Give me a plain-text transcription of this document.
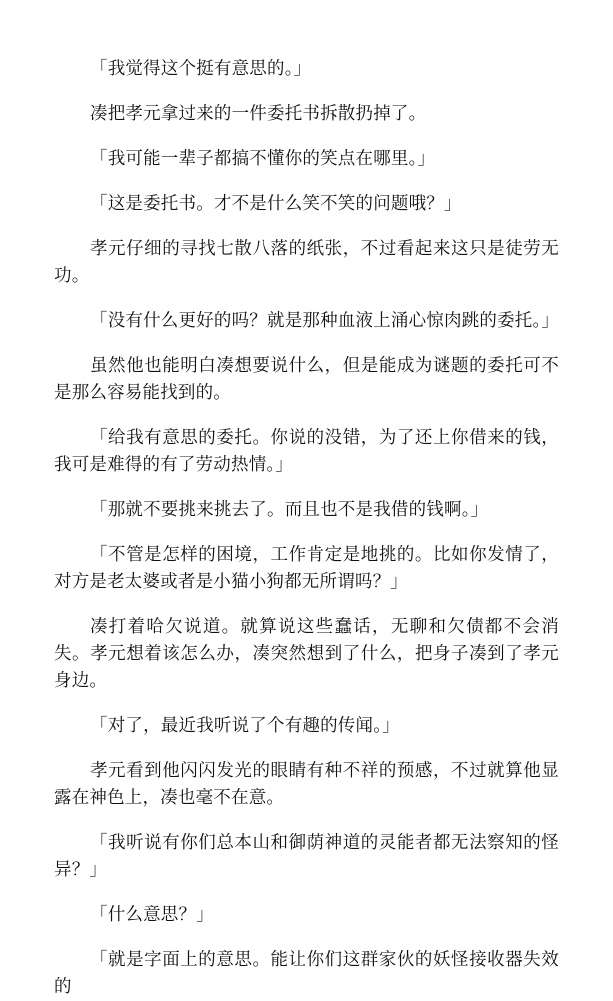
「我觉得这个挺有意思的。」

凑把孝元拿过来的一件委托书拆散扔掉了。

「我可能一辈子都搞不懂你的笑点在哪里。」

「这是委托书。才不是什么笑不笑的问题哦？」

孝元仔细的寻找七散八落的纸张，不过看起来这只是徒劳无功。

「没有什么更好的吗？就是那种血液上涌心惊肉跳的委托。」

虽然他也能明白凑想要说什么，但是能成为谜题的委托可不是那么容易能找到的。

「给我有意思的委托。你说的没错，为了还上你借来的钱，我可是难得的有了劳动热情。」

「那就不要挑来挑去了。而且也不是我借的钱啊。」

「不管是怎样的困境，工作肯定是地挑的。比如你发情了，对方是老太婆或者是小猫小狗都无所谓吗？」

凑打着哈欠说道。就算说这些蠢话，无聊和欠债都不会消失。孝元想着该怎么办，凑突然想到了什么，把身子凑到了孝元身边。

「对了，最近我听说了个有趣的传闻。」

孝元看到他闪闪发光的眼睛有种不祥的预感，不过就算他显露在神色上，凑也毫不在意。

「我听说有你们总本山和御荫神道的灵能者都无法察知的怪异？」

「什么意思？」

「就是字面上的意思。能让你们这群家伙的妖怪接收器失效的
